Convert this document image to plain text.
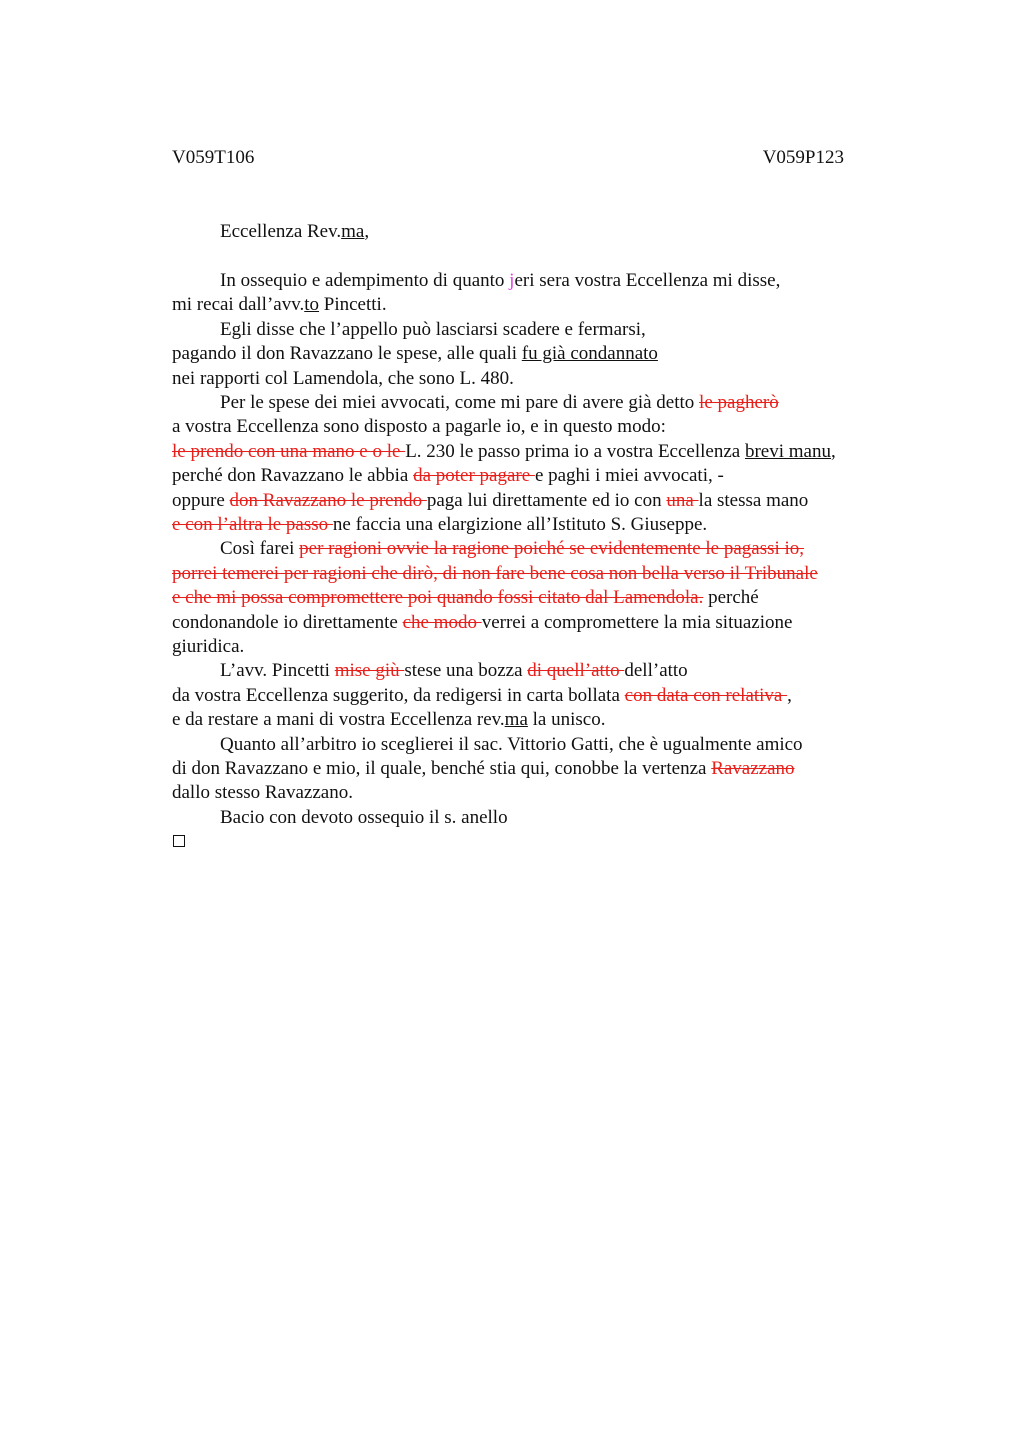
V059T106	V059P123
Eccellenza Rev.ma,
In ossequio e adempimento di quanto jeri sera vostra Eccellenza mi disse,
mi recai dall’avv.to Pincetti.
Egli disse che l’appello può lasciarsi scadere e fermarsi,
pagando il don Ravazzano le spese, alle quali fu già condannato
nei rapporti col Lamendola, che sono L. 480.
Per le spese dei miei avvocati, come mi pare di avere già detto le pagherò
a vostra Eccellenza sono disposto a pagarle io, e in questo modo:
le prendo con una mano e o le L. 230 le passo prima io a vostra Eccellenza brevi manu,
perché don Ravazzano le abbia da poter pagare e paghi i miei avvocati, -
oppure don Ravazzano le prendo paga lui direttamente ed io con una la stessa mano
e con l’altra le passo ne faccia una elargizione all’Istituto S. Giuseppe.
Così farei per ragioni ovvie la ragione poiché se evidentemente le pagassi io,
porrei temerei per ragioni che dirò, di non fare bene cosa non bella verso il Tribunale
e che mi possa compromettere poi quando fossi citato dal Lamendola. perché
condonandole io direttamente che modo verrei a compromettere la mia situazione
giuridica.
L’avv. Pincetti mise giù stese una bozza di quell’atto dell’atto
da vostra Eccellenza suggerito, da redigersi in carta bollata con data con relativa ,
e da restare a mani di vostra Eccellenza rev.ma la unisco.
Quanto all’arbitro io sceglierei il sac. Vittorio Gatti, che è ugualmente amico
di don Ravazzano e mio, il quale, benché stia qui, conobbe la vertenza Ravazzano
dallo stesso Ravazzano.
Bacio con devoto ossequio il s. anello
